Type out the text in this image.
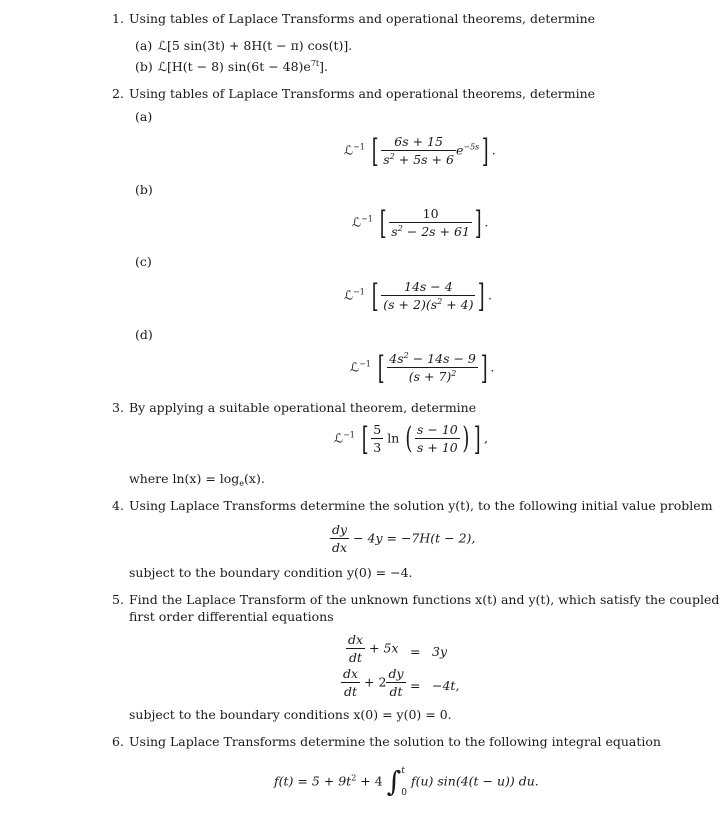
1. Using tables of Laplace Transforms and operational theorems, determine
(a) ℒ[5 sin(3t) + 8H(t − π) cos(t)].
(b) ℒ[H(t − 8) $\sin(6t - 48)e^{7t}$].
2. Using tables of Laplace Transforms and operational theorems, determine
(a)
ℒ$^{-1}$ [ $\frac{6s + 15}{s^2 + 5s + 6} e^{-5s}$] .
(b)
ℒ$^{-1}$ [ $\frac{10}{s^2 - 2s + 61}$ ] .
(c)
ℒ$^{-1}$ [ $\frac{14s - 4}{(s + 2)(s^2 + 4)}$ ] .
(d)
ℒ$^{-1}$ [ $\frac{4s^2 - 14s - 9}{(s + 7)^2}$ ] .
3. By applying a suitable operational theorem, determine
ℒ$^{-1}$ [ $\frac{5}{3}$ ln ( $\frac{s - 10}{s + 10}$ ) ] ,
where $\ln(x) = \log_e(x)$.
4. Using Laplace Transforms determine the solution y(t), to the following initial value problem
$\frac{dy}{dx} - 4y = -7H(t - 2)$,
subject to the boundary condition y(0) = −4.
5. Find the Laplace Transform of the unknown functions x(t) and y(t), which satisfy the coupled
first order differential equations
$\frac{dx}{dt} + 5x = 3y$
$\frac{dx}{dt} + 2 \frac{dy}{dt} = -4t$,
subject to the boundary conditions x(0) = y(0) = 0.
6. Using Laplace Transforms determine the solution to the following integral equation
$f(t) = 5 + 9t^2 + 4$ ∫ t
0
f(u) sin(4(t − u)) du.
